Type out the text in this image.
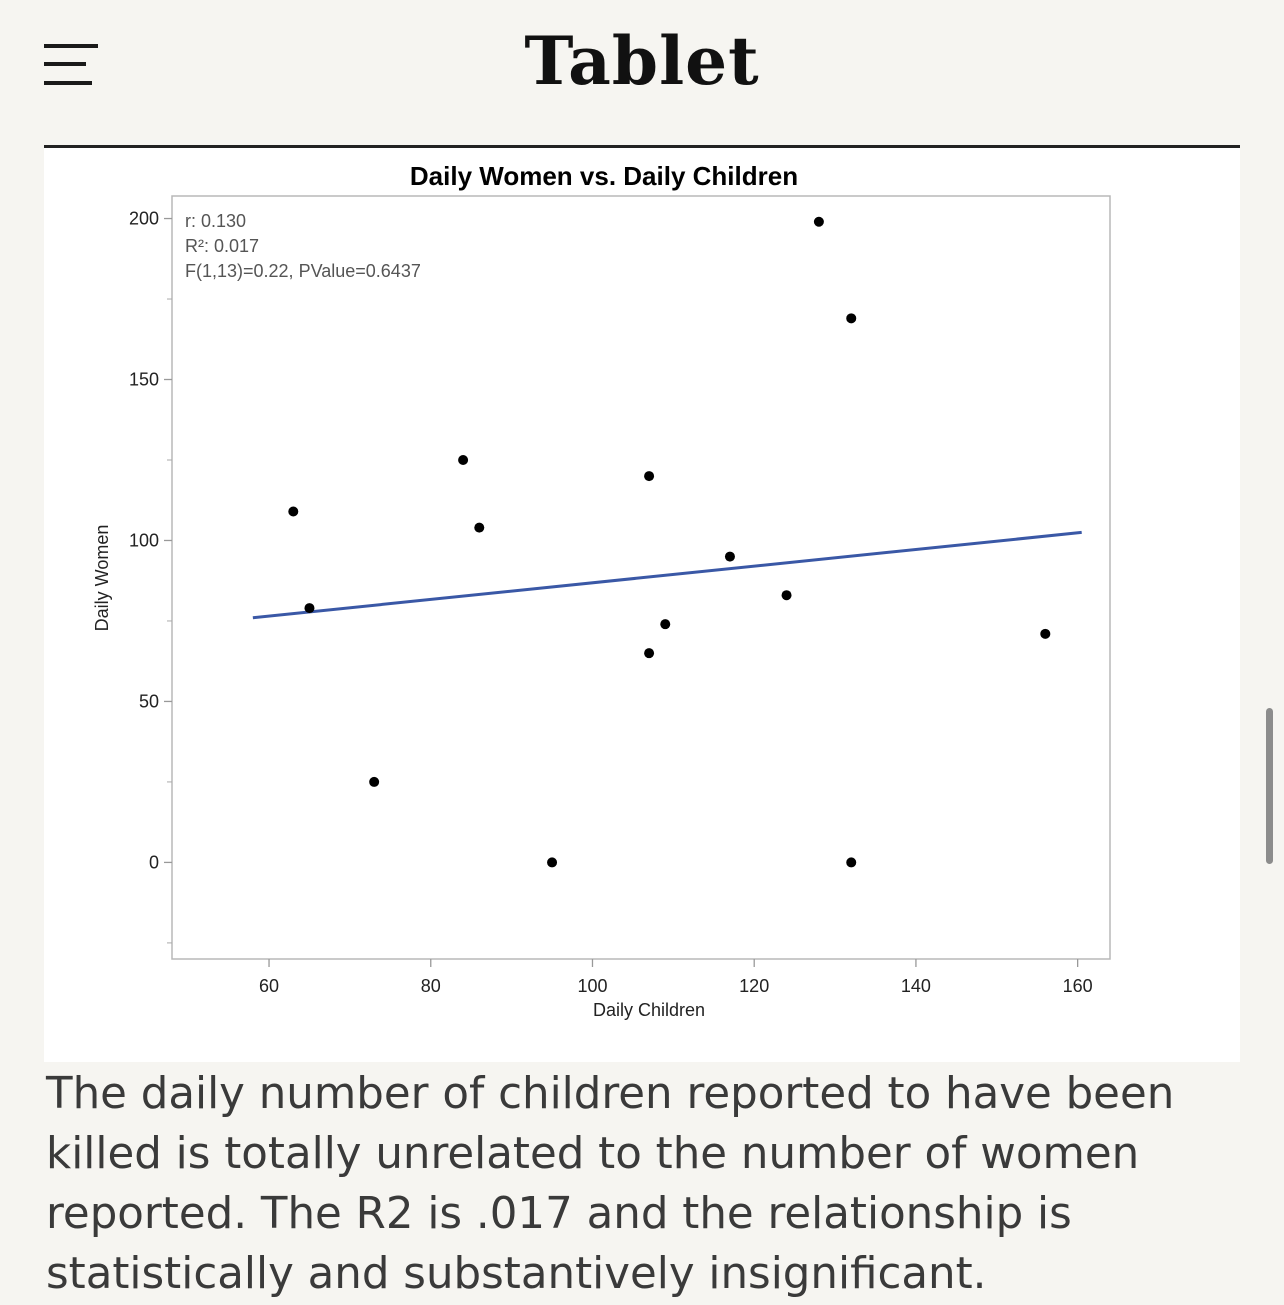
Tablet
Daily Women vs. Daily Children
0
50
100
150
200
60	80	100	120	140	160
Daily Women
Daily Children
r: 0.130
R²: 0.017
F(1,13)=0.22, PValue=0.6437

The daily number of children reported to have been killed is totally unrelated to the number of women reported. The R2 is .017 and the relationship is statistically and substantively insignificant.
